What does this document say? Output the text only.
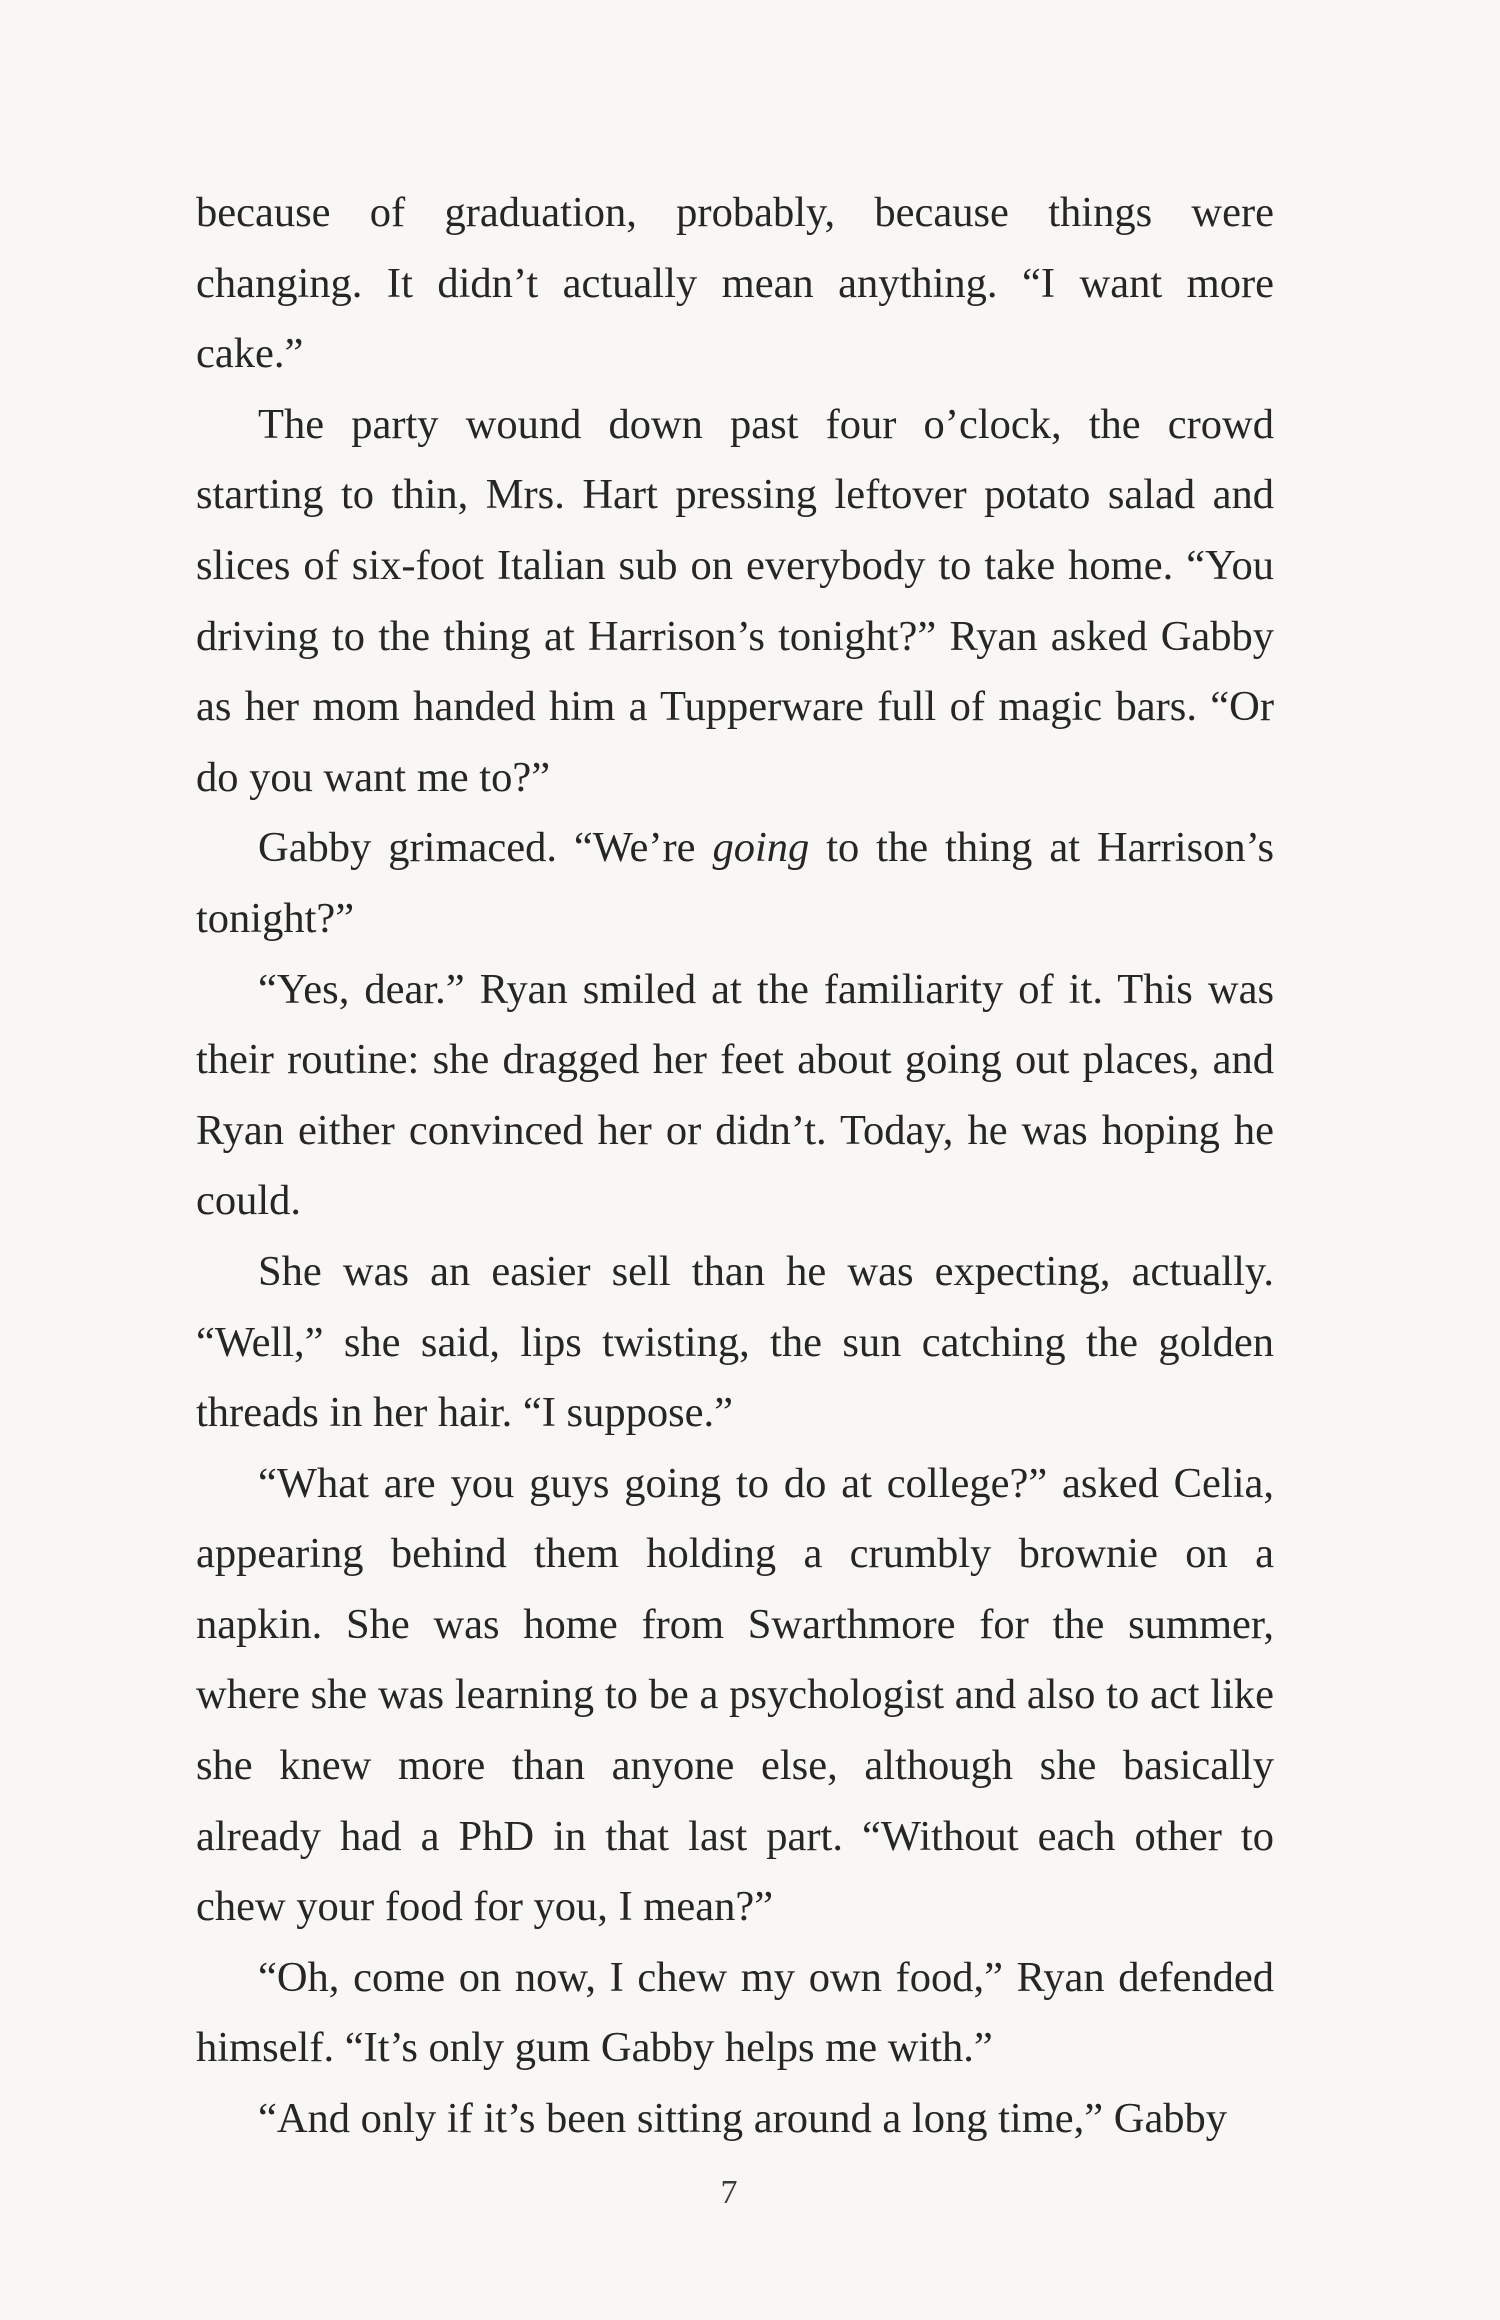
because of graduation, probably, because things were changing. It didn’t actually mean anything. “I want more cake.”

The party wound down past four o’clock, the crowd starting to thin, Mrs. Hart pressing leftover potato salad and slices of six-foot Italian sub on everybody to take home. “You driving to the thing at Harrison’s tonight?” Ryan asked Gabby as her mom handed him a Tupperware full of magic bars. “Or do you want me to?”

Gabby grimaced. “We’re going to the thing at Harrison’s tonight?”

“Yes, dear.” Ryan smiled at the familiarity of it. This was their routine: she dragged her feet about going out places, and Ryan either convinced her or didn’t. Today, he was hoping he could.

She was an easier sell than he was expecting, actually. “Well,” she said, lips twisting, the sun catching the golden threads in her hair. “I suppose.”

“What are you guys going to do at college?” asked Celia, appearing behind them holding a crumbly brownie on a napkin. She was home from Swarthmore for the summer, where she was learning to be a psychologist and also to act like she knew more than anyone else, although she basically already had a PhD in that last part. “Without each other to chew your food for you, I mean?”

“Oh, come on now, I chew my own food,” Ryan defended himself. “It’s only gum Gabby helps me with.”

“And only if it’s been sitting around a long time,” Gabby

7
